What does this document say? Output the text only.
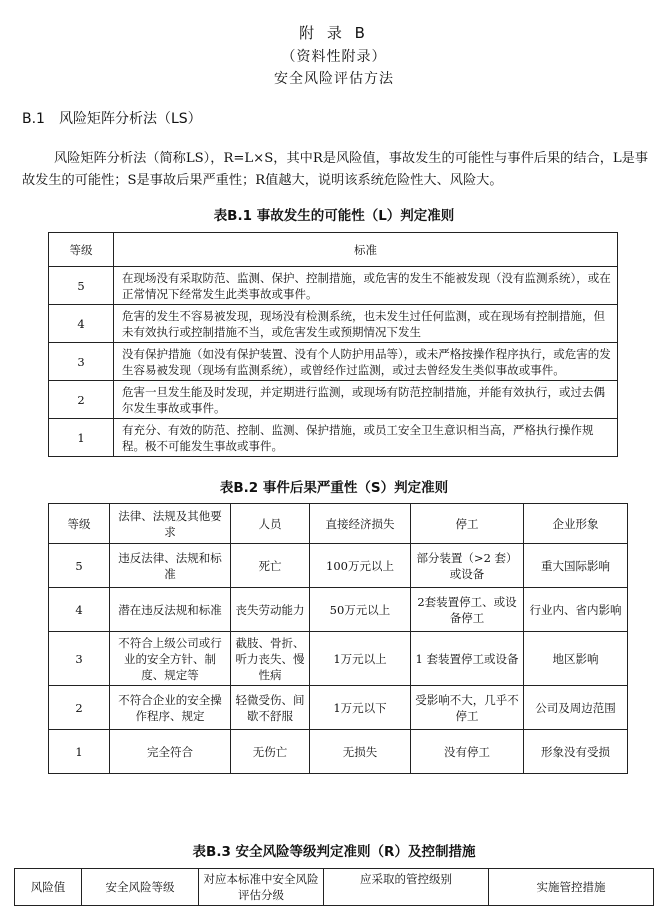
附 录 B
（资料性附录）
安全风险评估方法
B.1 风险矩阵分析法（LS）
风险矩阵分析法（简称LS），R=L×S，其中R是风险值，事故发生的可能性与事件后果的结合，L是事故发生的可能性；S是事故后果严重性；R值越大，说明该系统危险性大、风险大。
表B.1 事故发生的可能性（L）判定准则
等级	标准
5	在现场没有采取防范、监测、保护、控制措施，或危害的发生不能被发现（没有监测系统），或在正常情况下经常发生此类事故或事件。
4	危害的发生不容易被发现，现场没有检测系统，也未发生过任何监测，或在现场有控制措施，但未有效执行或控制措施不当，或危害发生或预期情况下发生
3	没有保护措施（如没有保护装置、没有个人防护用品等），或未严格按操作程序执行，或危害的发生容易被发现（现场有监测系统），或曾经作过监测，或过去曾经发生类似事故或事件。
2	危害一旦发生能及时发现，并定期进行监测，或现场有防范控制措施，并能有效执行，或过去偶尔发生事故或事件。
1	有充分、有效的防范、控制、监测、保护措施，或员工安全卫生意识相当高，严格执行操作规程。极不可能发生事故或事件。
表B.2 事件后果严重性（S）判定准则
等级	法律、法规及其他要求	人员	直接经济损失	停工	企业形象
5	违反法律、法规和标准	死亡	100万元以上	部分装置（>2 套）或设备	重大国际影响
4	潜在违反法规和标准	丧失劳动能力	50万元以上	2套装置停工、或设备停工	行业内、省内影响
3	不符合上级公司或行业的安全方针、制度、规定等	截肢、骨折、听力丧失、慢性病	1万元以上	1 套装置停工或设备	地区影响
2	不符合企业的安全操作程序、规定	轻微受伤、间歇不舒服	1万元以下	受影响不大，几乎不停工	公司及周边范围
1	完全符合	无伤亡	无损失	没有停工	形象没有受损
表B.3 安全风险等级判定准则（R）及控制措施
风险值	安全风险等级	对应本标准中安全风险评估分级	应采取的管控级别	实施管控措施
